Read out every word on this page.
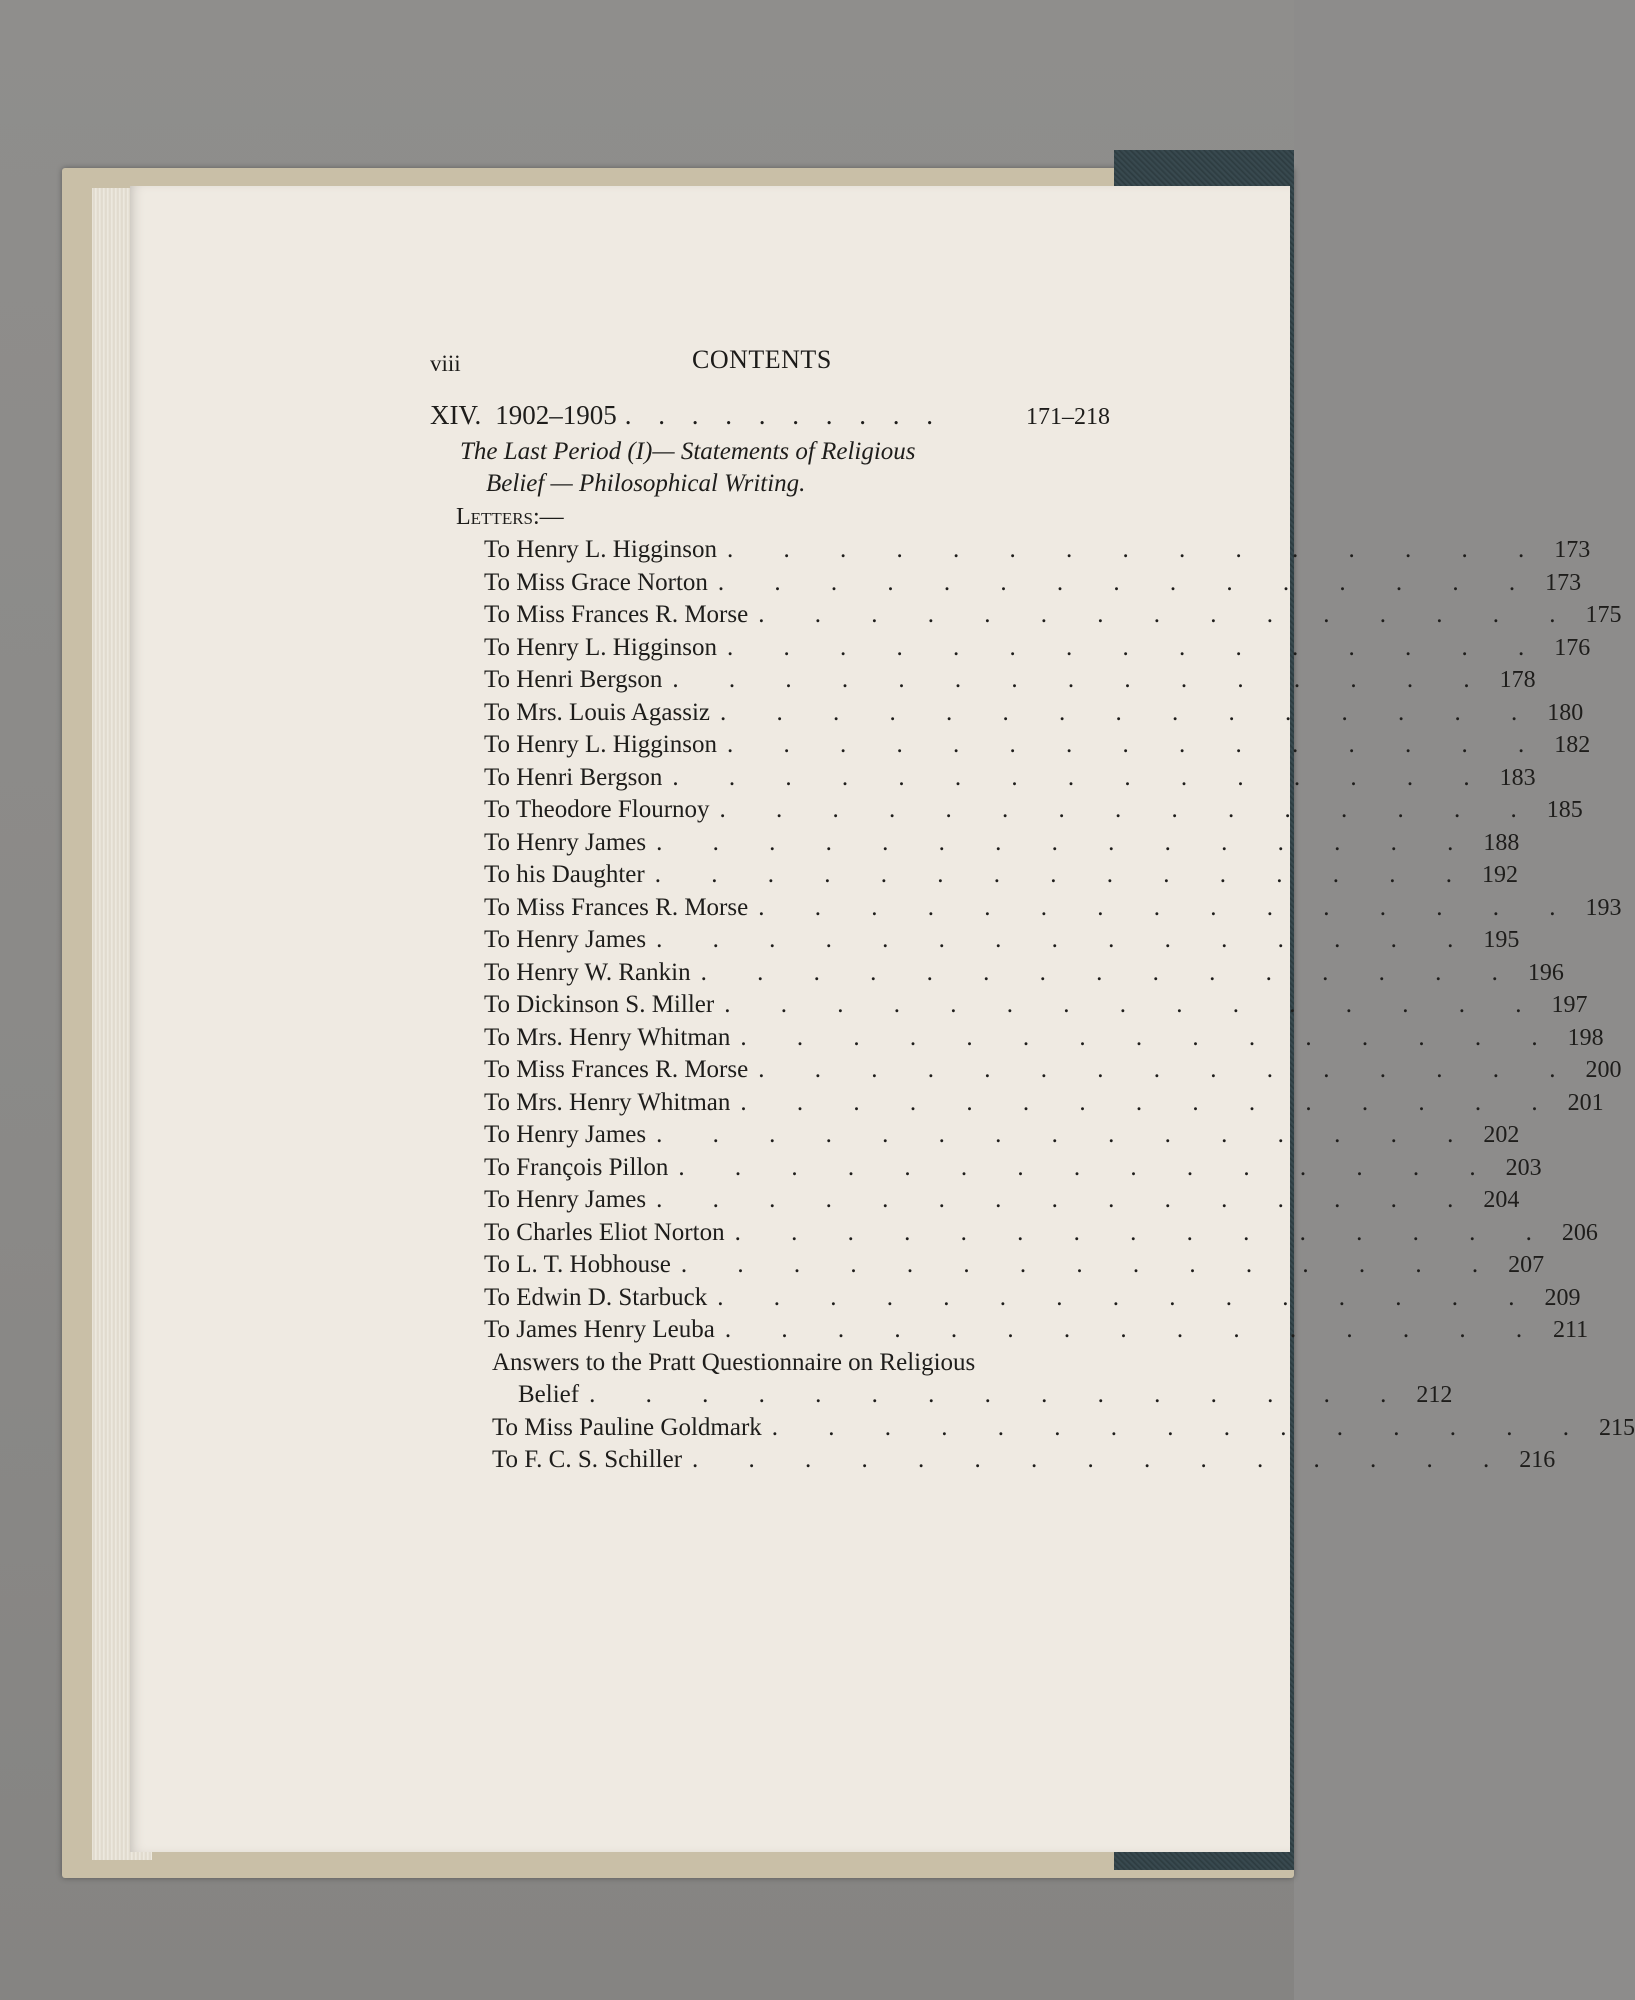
viii	CONTENTS
XIV. 1902–1905 . . . . . . . . . .	171–218
The Last Period (I)— Statements of Religious
Belief — Philosophical Writing.
Letters:—
To Henry L. Higginson . . . . . . . . . . . . . . . 173
To Miss Grace Norton . . . . . . . . . . . . . . . 173
To Miss Frances R. Morse . . . . . . . . . . . . . . . 175
To Henry L. Higginson . . . . . . . . . . . . . . . 176
To Henri Bergson . . . . . . . . . . . . . . . 178
To Mrs. Louis Agassiz . . . . . . . . . . . . . . . 180
To Henry L. Higginson . . . . . . . . . . . . . . . 182
To Henri Bergson . . . . . . . . . . . . . . . 183
To Theodore Flournoy . . . . . . . . . . . . . . . 185
To Henry James . . . . . . . . . . . . . . . 188
To his Daughter . . . . . . . . . . . . . . . 192
To Miss Frances R. Morse . . . . . . . . . . . . . . . 193
To Henry James . . . . . . . . . . . . . . . 195
To Henry W. Rankin . . . . . . . . . . . . . . . 196
To Dickinson S. Miller . . . . . . . . . . . . . . . 197
To Mrs. Henry Whitman . . . . . . . . . . . . . . . 198
To Miss Frances R. Morse . . . . . . . . . . . . . . . 200
To Mrs. Henry Whitman . . . . . . . . . . . . . . . 201
To Henry James . . . . . . . . . . . . . . . 202
To François Pillon . . . . . . . . . . . . . . . 203
To Henry James . . . . . . . . . . . . . . . 204
To Charles Eliot Norton . . . . . . . . . . . . . . . 206
To L. T. Hobhouse . . . . . . . . . . . . . . . 207
To Edwin D. Starbuck . . . . . . . . . . . . . . . 209
To James Henry Leuba . . . . . . . . . . . . . . . 211
Answers to the Pratt Questionnaire on Religious
Belief . . . . . . . . . . . . . . . 212
To Miss Pauline Goldmark . . . . . . . . . . . . . . . 215
To F. C. S. Schiller . . . . . . . . . . . . . . . 216
